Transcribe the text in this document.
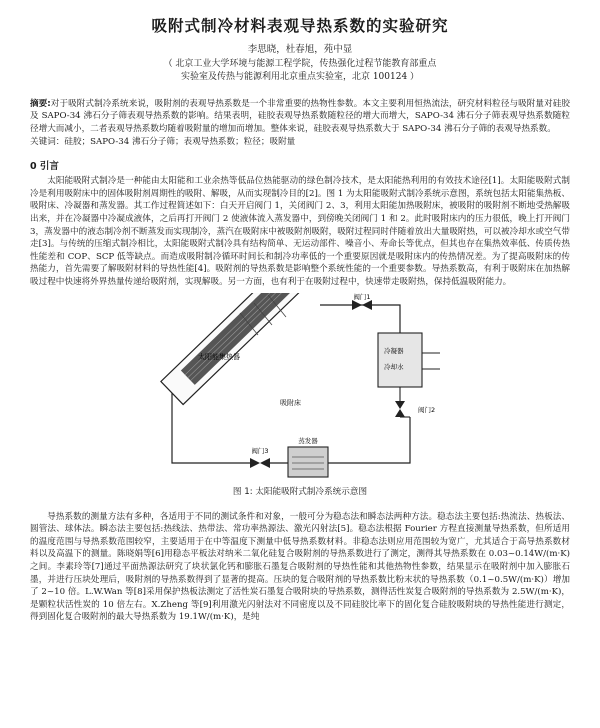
吸附式制冷材料表观导热系数的实验研究
李思晓，杜春旭，苑中显
（ 北京工业大学环境与能源工程学院，传热强化过程节能教育部重点
实验室及传热与能源利用北京重点实验室，北京 100124 ）
摘要:对于吸附式制冷系统来说，吸附剂的表观导热系数是一个非常重要的热物性参数。本文主要利用恒热流法，研究材料粒径与吸附量对硅胶及 SAPO-34 沸石分子筛表观导热系数的影响。结果表明，硅胶表观导热系数随粒径的增大而增大，SAPO-34 沸石分子筛表观导热系数随粒径增大而减小，二者表观导热系数均随着吸附量的增加而增加。整体来说，硅胶表观导热系数大于 SAPO-34 沸石分子筛的表观导热系数。
关键词：硅胶；SAPO-34 沸石分子筛；表观导热系数；粒径；吸附量
0 引言
太阳能吸附式制冷是一种能由太阳能和工业余热等低品位热能驱动的绿色制冷技术，是太阳能热利用的有效技术途径[1]。太阳能吸附式制冷是利用吸附床中的固体吸附剂周期性的吸附、解吸，从而实现制冷目的[2]。图 1 为太阳能吸附式制冷系统示意图，系统包括太阳能集热板、吸附床、冷凝器和蒸发器。其工作过程简述如下：白天开启阀门 1，关闭阀门 2、3，利用太阳能加热吸附床，被吸附的吸附剂不断地受热解吸出来，并在冷凝器中冷凝成液体，之后再打开阀门 2 使液体流入蒸发器中，到傍晚关闭阀门 1 和 2。此时吸附床内的压力很低，晚上打开阀门 3，蒸发器中的液态制冷剂不断蒸发而实现制冷，蒸汽在吸附床中被吸附剂吸附，吸附过程同时伴随着放出大量吸附热，可以被冷却水或空气带走[3]。与传统的压缩式制冷相比，太阳能吸附式制冷具有结构简单、无运动部件、噪音小、寿命长等优点，但其也存在集热效率低、传质传热性能差和 COP、SCP 低等缺点。而造成吸附制冷循环时间长和制冷功率低的一个重要原因就是吸附床内的传热情况差。为了提高吸附床的传热能力，首先需要了解吸附材料的导热性能[4]。吸附剂的导热系数是影响整个系统性能的一个重要参数。导热系数高，有利于吸附床在加热解吸过程中快速将外界热量传递给吸附剂，实现解吸。另一方面，也有利于在吸附过程中，快速带走吸附热，保持低温吸附能力。
吸附床
太阳能集热器
阀门1
冷凝器
冷却水
阀门2
阀门3
蒸发器
图 1: 太阳能吸附式制冷系统示意图
导热系数的测量方法有多种，各适用于不同的测试条件和对象，一般可分为稳态法和瞬态法两种方法。稳态法主要包括:热流法、热板法、圆管法、球体法。瞬态法主要包括:热线法、热带法、常功率热源法、激光闪射法[5]。稳态法根据 Fourier 方程直接测量导热系数，但所适用的温度范围与导热系数范围较窄，主要适用于在中等温度下测量中低导热系数材料。非稳态法则应用范围较为宽广，尤其适合于高导热系数材料以及高温下的测量。陈晓娟等[6]用稳态平板法对纳米二氧化硅复合吸附剂的导热系数进行了测定，测得其导热系数在 0.03~0.14W/(m·K)之间。李素玲等[7]通过平面热源法研究了块状氯化钙和膨胀石墨复合吸附剂的导热性能和其他热物性参数，结果显示在吸附剂中加入膨胀石墨，并进行压块处理后，吸附剂的导热系数得到了显著的提高。压块的复合吸附剂的导热系数比粉末状的导热系数（0.1~0.5W/(m·K)）增加了 2~10 倍。L.W.Wan 等[8]采用保护热板法测定了活性炭石墨复合吸附块的导热系数，测得活性炭复合吸附剂的导热系数为 2.5W/(m·K)，是颗粒状活性炭的 10 倍左右。X.Zheng 等[9]利用激光闪射法对不同密度以及不同硅胶比率下的固化复合硅胶吸附块的导热性能进行测定，得到固化复合吸附剂的最大导热系数为 19.1W/(m·K)，是纯
